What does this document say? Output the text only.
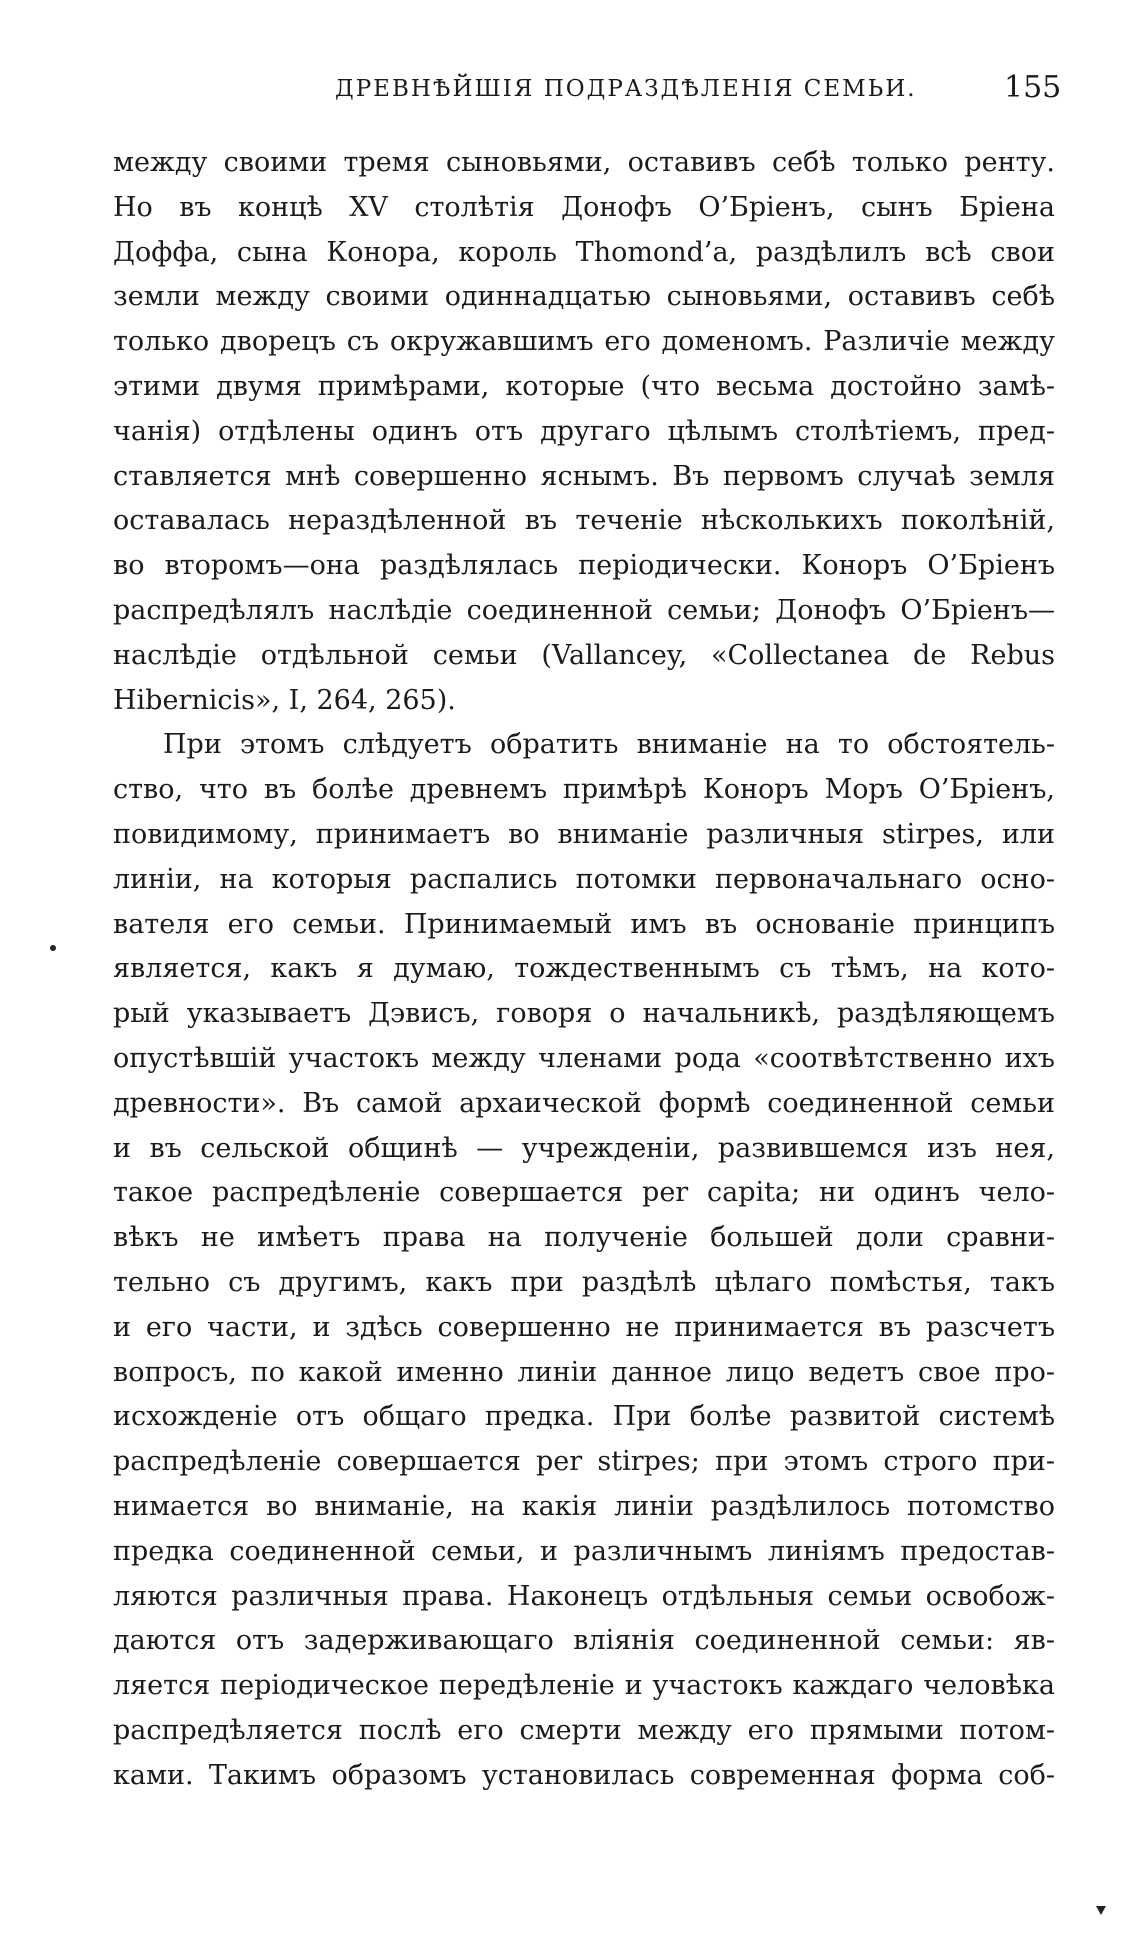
ДРЕВНѢЙШІЯ ПОДРАЗДѢЛЕНІЯ СЕМЬИ.	155
между своими тремя сыновьями, оставивъ себѣ только ренту.
Но въ концѣ XV столѣтія Донофъ О’Бріенъ, сынъ Бріена
Доффа, сына Конора, король Thomond’а, раздѣлилъ всѣ свои
земли между своими одиннадцатью сыновьями, оставивъ себѣ
только дворецъ съ окружавшимъ его доменомъ. Различіе между
этими двумя примѣрами, которые (что весьма достойно замѣ-
чанія) отдѣлены одинъ отъ другаго цѣлымъ столѣтіемъ, пред-
ставляется мнѣ совершенно яснымъ. Въ первомъ случаѣ земля
оставалась нераздѣленной въ теченіе нѣсколькихъ поколѣній,
во второмъ—она раздѣлялась періодически. Конoръ О’Бріенъ
распредѣлялъ наслѣдіе соединенной семьи; Донофъ О’Бріенъ—
наслѣдіе отдѣльной семьи (Vallancey, «Collectanea de Rebus
Hibernicis», I, 264, 265).
При этомъ слѣдуетъ обратить вниманіе на то обстоятель-
ство, что въ болѣе древнемъ примѣрѣ Конoръ Моръ О’Бріенъ,
повидимому, принимаетъ во вниманіе различныя stirpes, или
линіи, на которыя распались потомки первоначальнаго осно-
вателя его семьи. Принимаемый имъ въ основаніе принципъ
является, какъ я думаю, тождественнымъ съ тѣмъ, на кото-
рый указываетъ Дэвисъ, говоря о начальникѣ, раздѣляющемъ
опустѣвшій участокъ между членами рода «соотвѣтственно ихъ
древности». Въ самой архаической формѣ соединенной семьи
и въ сельской общинѣ — учрежденіи, развившемся изъ нея,
такое распредѣленіе совершается per capita; ни одинъ чело-
вѣкъ не имѣетъ права на полученіе большей доли сравни-
тельно съ другимъ, какъ при раздѣлѣ цѣлаго помѣстья, такъ
и его части, и здѣсь совершенно не принимается въ разсчетъ
вопросъ, по какой именно линіи данное лицо ведетъ свое про-
исхожденіе отъ общаго предка. При болѣе развитой системѣ
распредѣленіе совершается per stirpes; при этомъ строго при-
нимается во вниманіе, на какія линіи раздѣлилось потомство
предка соединенной семьи, и различнымъ линіямъ предостав-
ляются различныя права. Наконецъ отдѣльныя семьи освобож-
даются отъ задерживающаго вліянія соединенной семьи: яв-
ляется періодическое передѣленіе и участокъ каждаго человѣка
распредѣляется послѣ его смерти между его прямыми потом-
ками. Такимъ образомъ установилась современная форма соб-
